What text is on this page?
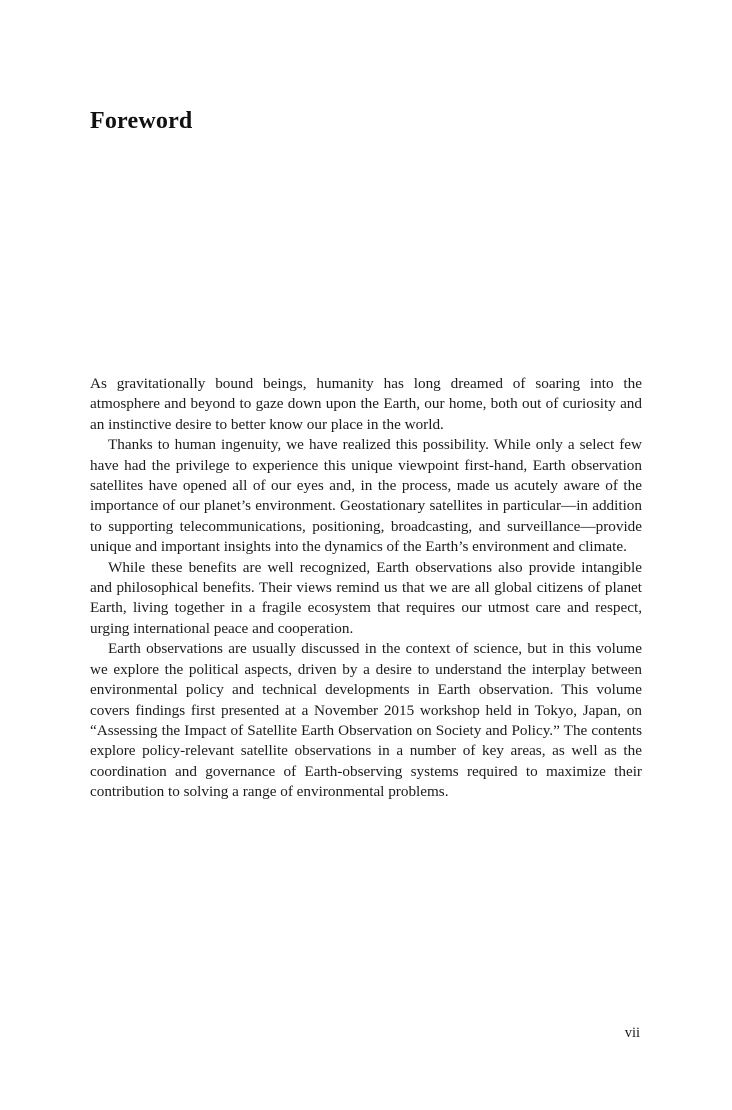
Foreword

As gravitationally bound beings, humanity has long dreamed of soaring into the atmosphere and beyond to gaze down upon the Earth, our home, both out of curiosity and an instinctive desire to better know our place in the world.

Thanks to human ingenuity, we have realized this possibility. While only a select few have had the privilege to experience this unique viewpoint first-hand, Earth observation satellites have opened all of our eyes and, in the process, made us acutely aware of the importance of our planet’s environment. Geostationary satellites in particular—in addition to supporting telecommunications, positioning, broadcasting, and surveillance—provide unique and important insights into the dynamics of the Earth’s environment and climate.

While these benefits are well recognized, Earth observations also provide intangible and philosophical benefits. Their views remind us that we are all global citizens of planet Earth, living together in a fragile ecosystem that requires our utmost care and respect, urging international peace and cooperation.

Earth observations are usually discussed in the context of science, but in this volume we explore the political aspects, driven by a desire to understand the interplay between environmental policy and technical developments in Earth observation. This volume covers findings first presented at a November 2015 workshop held in Tokyo, Japan, on “Assessing the Impact of Satellite Earth Observation on Society and Policy.” The contents explore policy-relevant satellite observations in a number of key areas, as well as the coordination and governance of Earth-observing systems required to maximize their contribution to solving a range of environmental problems.

vii
